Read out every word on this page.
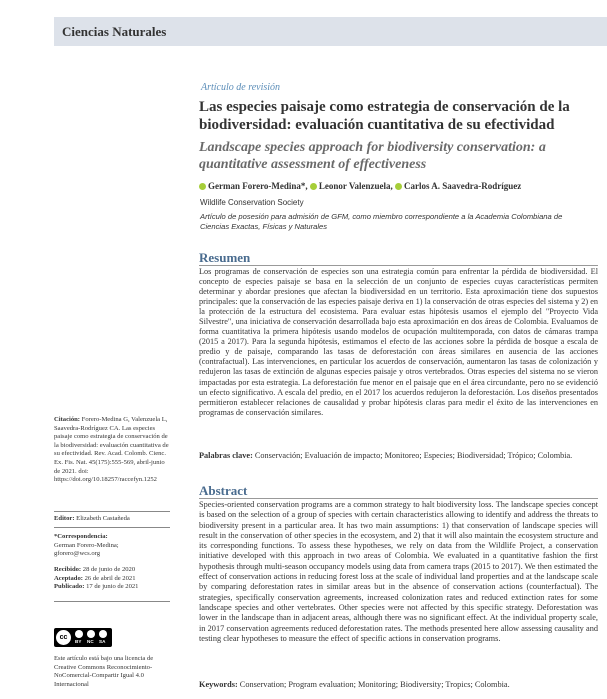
Ciencias Naturales
Artículo de revisión
Las especies paisaje como estrategia de conservación de la biodiversidad: evaluación cuantitativa de su efectividad
Landscape species approach for biodiversity conservation: a quantitative assessment of effectiveness
German Forero-Medina*, Leonor Valenzuela, Carlos A. Saavedra-Rodríguez
Wildlife Conservation Society
Artículo de posesión para admisión de GFM, como miembro correspondiente a la Academia Colombiana de Ciencias Exactas, Físicas y Naturales
Resumen
Los programas de conservación de especies son una estrategia común para enfrentar la pérdida de biodiversidad. El concepto de especies paisaje se basa en la selección de un conjunto de especies cuyas características permiten determinar y abordar presiones que afectan la biodiversidad en un territorio. Esta aproximación tiene dos supuestos principales: que la conservación de las especies paisaje deriva en 1) la conservación de otras especies del sistema y 2) en la protección de la estructura del ecosistema. Para evaluar estas hipótesis usamos el ejemplo del "Proyecto Vida Silvestre", una iniciativa de conservación desarrollada bajo esta aproximación en dos áreas de Colombia. Evaluamos de forma cuantitativa la primera hipótesis usando modelos de ocupación multitemporada, con datos de cámaras trampa (2015 a 2017). Para la segunda hipótesis, estimamos el efecto de las acciones sobre la pérdida de bosque a escala de predio y de paisaje, comparando las tasas de deforestación con áreas similares en ausencia de las acciones (contrafactual). Las intervenciones, en particular los acuerdos de conservación, aumentaron las tasas de colonización y redujeron las tasas de extinción de algunas especies paisaje y otros vertebrados. Otras especies del sistema no se vieron impactadas por esta estrategia. La deforestación fue menor en el paisaje que en el área circundante, pero no se evidenció un efecto significativo. A escala del predio, en el 2017 los acuerdos redujeron la deforestación. Los diseños presentados permitieron establecer relaciones de causalidad y probar hipótesis claras para medir el éxito de las intervenciones en programas de conservación similares.
Palabras clave: Conservación; Evaluación de impacto; Monitoreo; Especies; Biodiversidad; Trópico; Colombia.
Abstract
Species-oriented conservation programs are a common strategy to halt biodiversity loss. The landscape species concept is based on the selection of a group of species with certain characteristics allowing to identify and address the threats to biodiversity present in a particular area. It has two main assumptions: 1) that conservation of landscape species will result in the conservation of other species in the ecosystem, and 2) that it will also maintain the ecosystem structure and its corresponding functions. To assess these hypotheses, we rely on data from the Wildlife Project, a conservation initiative developed with this approach in two areas of Colombia. We evaluated in a quantitative fashion the first hypothesis through multi-season occupancy models using data from camera traps (2015 to 2017). We then estimated the effect of conservation actions in reducing forest loss at the scale of individual land properties and at the landscape scale by comparing deforestation rates in similar areas but in the absence of conservation actions (counterfactual). The strategies, specifically conservation agreements, increased colonization rates and reduced extinction rates for some landscape species and other vertebrates. Other species were not affected by this specific strategy. Deforestation was lower in the landscape than in adjacent areas, although there was no significant effect. At the individual property scale, in 2017 conservation agreements reduced deforestation rates. The methods presented here allow assessing causality and testing clear hypotheses to measure the effect of specific actions in conservation programs.
Keywords: Conservation; Program evaluation; Monitoring; Biodiversity; Tropics; Colombia.
Citación: Forero-Medina G, Valenzuela L, Saavedra-Rodríguez CA. Las especies paisaje como estrategia de conservación de la biodiversidad: evaluación cuantitativa de su efectividad. Rev. Acad. Colomb. Cienc. Ex. Fis. Nat. 45(175):555-569, abril-junio de 2021. doi: https://doi.org/10.18257/raccefyn.1252
Editor: Elizabeth Castañeda
*Correspondencia:
German Forero-Medina;
gforero@wcs.org
Recibido: 28 de junio de 2020
Aceptado: 26 de abril de 2021
Publicado: 17 de junio de 2021
cc
BY NC SA
Este artículo está bajo una licencia de Creative Commons Reconocimiento-NoComercial-Compartir Igual 4.0 Internacional
